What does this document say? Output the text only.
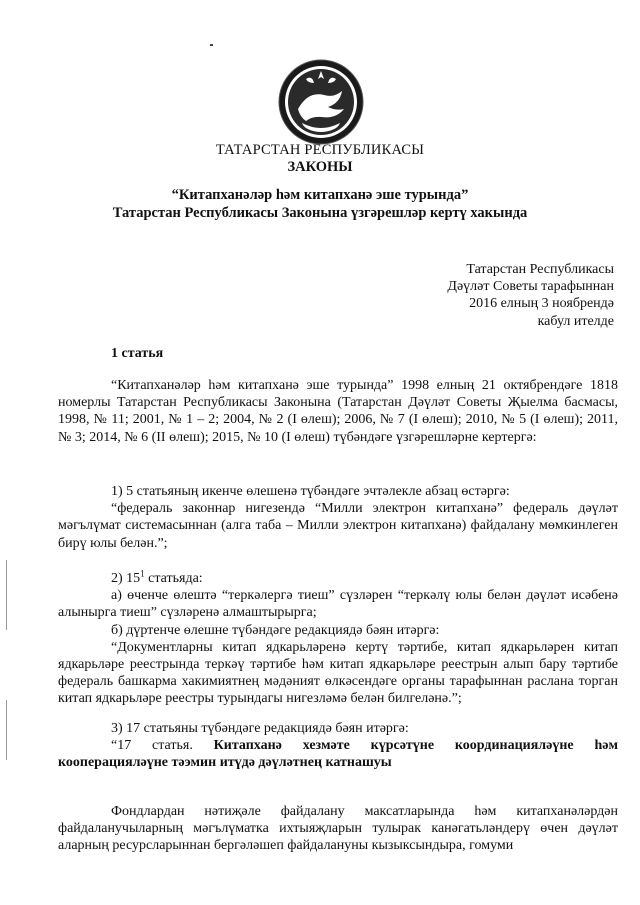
ТАТАРСТАН РЕСПУБЛИКАСЫ
ЗАКОНЫ
“Китапханәләр һәм китапханә эше турында”
Татарстан Республикасы Законына үзгәрешләр кертү хакында
Татарстан Республикасы
Дәүләт Советы тарафыннан
2016 елның 3 ноябрендә
кабул ителде
1 статья

“Китапханәләр һәм китапханә эше турында” 1998 елның 21 октябрендәге 1818 номерлы Татарстан Республикасы Законына (Татарстан Дәүләт Советы Җыелма басмасы, 1998, № 11; 2001, № 1 – 2; 2004, № 2 (I өлеш); 2006, № 7 (I өлеш); 2010, № 5 (I өлеш); 2011, № 3; 2014, № 6 (II өлеш); 2015, № 10 (I өлеш) түбәндәге үзгәрешләрне кертергә:

1) 5 статьяның икенче өлешенә түбәндәге эчтәлекле абзац өстәргә:

“федераль законнар нигезендә “Милли электрон китапханә” федераль дәүләт мәгълүмат системасыннан (алга таба – Милли электрон китапханә) файдалану мөмкинлеген бирү юлы белән.”;

2) $15^1$ статьяда:

а) өченче өлештә “теркәлергә тиеш” сүзләрен “теркәлү юлы белән дәүләт исәбенә алынырга тиеш” сүзләренә алмаштырырга;

б) дүртенче өлешне түбәндәге редакциядә бәян итәргә:

“Документларны китап ядкарьләренә кертү тәртибе, китап ядкарьләрен китап ядкарьләре реестрында теркәү тәртибе һәм китап ядкарьләре реестрын алып бару тәртибе федераль башкарма хакимиятнең мәдәният өлкәсендәге органы тарафыннан раслана торган китап ядкарьләре реестры турындагы нигезләмә белән билгеләнә.”;

3) 17 статьяны түбәндәге редакциядә бәян итәргә:

“17 статья. Китапханә хезмәте күрсәтүне координацияләүне һәм кооперацияләүне тәэмин итүдә дәүләтнең катнашуы

Фондлардан нәтиҗәле файдалану максатларында һәм китапханәләрдән файдаланучыларның мәгълүматка ихтыяҗларын тулырак канәгатьләндерү өчен дәүләт аларның ресурсларыннан бергәләшеп файдалануны кызыксындыра, гомуми
